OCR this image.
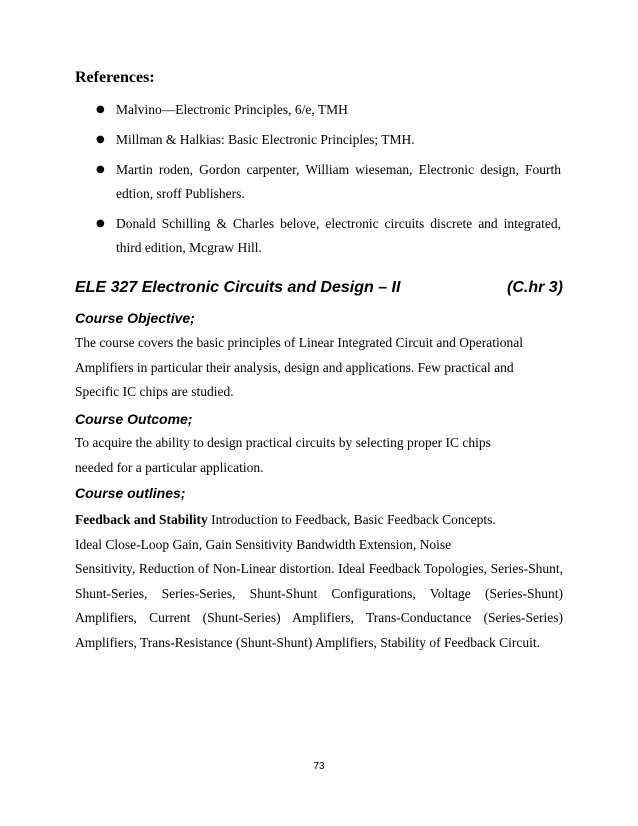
References:
● Malvino—Electronic Principles, 6/e, TMH
● Millman & Halkias: Basic Electronic Principles; TMH.
● Martin roden, Gordon carpenter, William wieseman, Electronic design, Fourth edtion, sroff Publishers.
● Donald Schilling & Charles belove, electronic circuits discrete and integrated, third edition, Mcgraw Hill.
ELE 327 Electronic Circuits and Design – II	(C.hr 3)
Course Objective;
The course covers the basic principles of Linear Integrated Circuit and Operational
Amplifiers in particular their analysis, design and applications. Few practical and
Specific IC chips are studied.
Course Outcome;
To acquire the ability to design practical circuits by selecting proper IC chips
needed for a particular application.
Course outlines;
Feedback and Stability Introduction to Feedback, Basic Feedback Concepts.
Ideal Close-Loop Gain, Gain Sensitivity Bandwidth Extension, Noise
Sensitivity, Reduction of Non-Linear distortion. Ideal Feedback Topologies, Series-Shunt, Shunt-Series, Series-Series, Shunt-Shunt Configurations, Voltage (Series-Shunt) Amplifiers, Current (Shunt-Series) Amplifiers, Trans-Conductance (Series-Series) Amplifiers, Trans-Resistance (Shunt-Shunt) Amplifiers, Stability of Feedback Circuit.
73
